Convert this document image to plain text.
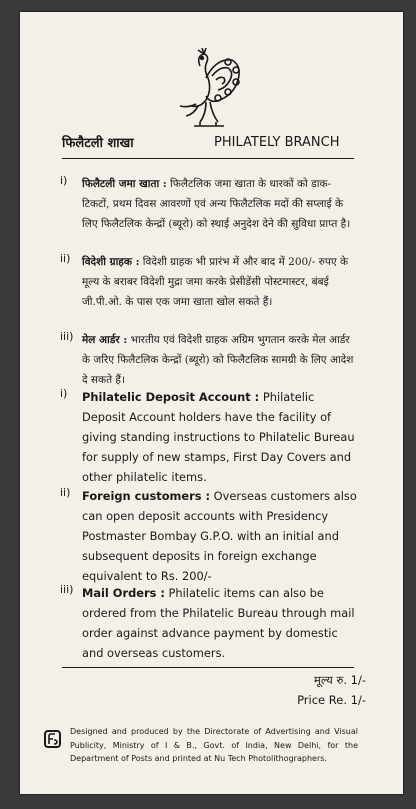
फिलैटली शाखा	PHILATELY BRANCH
i) फिलैटली जमा खाता : फिलैटलिक जमा खाता के धारकों को डाक-टिकटों, प्रथम दिवस आवरणों एवं अन्य फिलैटलिक मदों की सप्लाई के लिए फिलैटलिक केन्द्रों (ब्यूरो) को स्थाई अनुदेश देने की सुविधा प्राप्त है।
ii) विदेशी ग्राहक : विदेशी ग्राहक भी प्रारंभ में और बाद में 200/- रुपए के मूल्य के बराबर विदेशी मुद्रा जमा करके प्रेसीडेंसी पोस्टमास्टर, बंबई जी.पी.ओ. के पास एक जमा खाता खोल सकते हैं।
iii) मेल आर्डर : भारतीय एवं विदेशी ग्राहक अग्रिम भुगतान करके मेल आर्डर के जरिए फिलैटलिक केन्द्रों (ब्यूरो) को फिलैटलिक सामग्री के लिए आदेश दे सकते हैं।
i) Philatelic Deposit Account : Philatelic Deposit Account holders have the facility of giving standing instructions to Philatelic Bureau for supply of new stamps, First Day Covers and other philatelic items.
ii) Foreign customers : Overseas customers also can open deposit accounts with Presidency Postmaster Bombay G.P.O. with an initial and subsequent deposits in foreign exchange equivalent to Rs. 200/-
iii) Mail Orders : Philatelic items can also be ordered from the Philatelic Bureau through mail order against advance payment by domestic and overseas customers.
मूल्य रु. 1/-
Price Re. 1/-
Designed and produced by the Directorate of Advertising and Visual Publicity, Ministry of I & B., Govt. of India, New Delhi, for the Department of Posts and printed at Nu Tech Photolithographers.
